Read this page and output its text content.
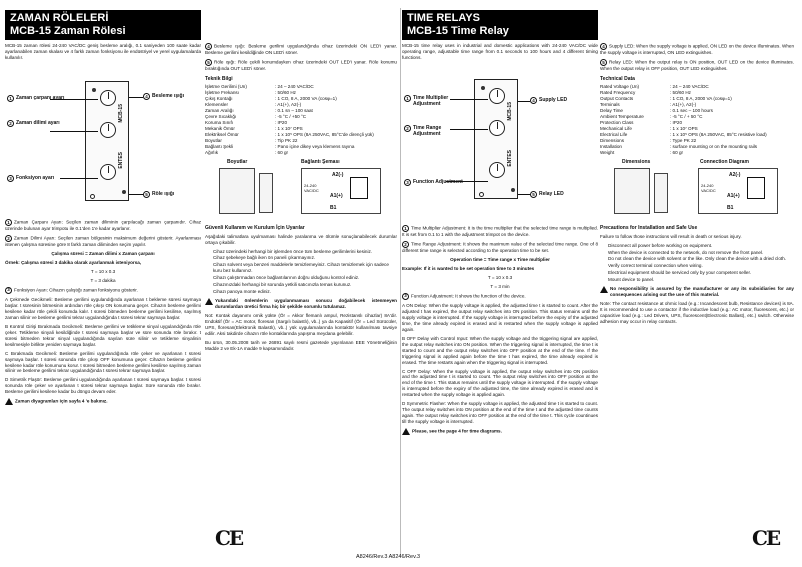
ZAMAN RÖLELERİ
MCB-15 Zaman Rölesi

MCB-15 zaman rölesi 24-240 VAC/DC geniş besleme aralığı, 0.1 saniyeden 100 saate kadar ayarlanabilen zaman skalası ve 4 farklı zaman fonksiyonu ile endüstriyel ve yerel uygulamalarda kullanılır.

MCB-15
ENTES
1 Zaman çarpanı ayarı
2 Zaman dilimi ayarı
3 Fonksiyon ayarı
4 Besleme ışığı
5 Röle ışığı

1 Zaman Çarpanı Ayarı: Seçilen zaman diliminin çarpılacağı zaman çarpanıdır. Cihaz üzerinde bulunan ayar trimpotu ile 0.1'den 1'e kadar ayarlanır.

2 Zaman Dilimi Ayarı: Seçilen zaman bölgesinin maksimum değerini gösterir. Ayarlanması istenen çalışma süresine göre 8 farklı zaman diliminden seçim yapılır.

Çalışma süresi = Zaman dilimi x Zaman çarpanı

Örnek: Çalışma süresi 3 dakika olarak ayarlanmak isteniyorsa,

T = 10 x 0.3

T = 3 dakika

3 Fonksiyon Ayarı: Cihazın çalıştığı zaman fonksiyonu gösterir.

A Çekmede Gecikmeli: Besleme gerilimi uygulandığında ayarlanan t bekleme süresi saymaya başlar. t süresinin bitmesinin ardından röle çıkışı ON konumuna geçer. Cihazın besleme gerilimi kesilene kadar röle çekili konumda kalır. t süresi bitmeden besleme gerilimi kesilirse, sayılmış zaman silinir ve besleme gerilimi tekrar uygulandığında t süresi tekrar saymaya başlar.

B Kontrol Girişi Bırakmada Gecikmeli: Besleme gerilimi ve tetikleme sinyal uygulandığında röle çeker. Tetikleme sinyali kesildiğinde t süresi saymaya başlar ve süre sonunda röle bırakır. t süresi bitmeden tekrar sinyal uygulandığında sayılan süre silinir ve tetikleme sinyalinin kesilmesiyle birlikte yeniden saymaya başlar.

C Bırakmada Gecikmeli: Besleme gerilimi uygulandığında röle çeker ve ayarlanan t süresi saymaya başlar. t süresi sonunda röle çıkışı OFF konumuna geçer. Cihazın besleme gerilimi kesilene kadar röle konumunu korur. t süresi bitmeden besleme gerilimi kesilirse sayılmış zaman silinir ve besleme gerilimi tekrar uygulandığında t süresi tekrar saymaya başlar.

D Simetrik Flaşör: Besleme gerilimi uygulandığında ayarlanan t süresi saymaya başlar. t süresi sonunda röle çeker ve ayarlanan t süresi tekrar saymaya başlar. Süre sonunda röle bırakır. Besleme gerilimi kesilene kadar bu döngü devam eder.

Zaman diyagramları için sayfa 4 'e bakınız.

4 Besleme ışığı: Besleme gerilimi uygulandığında cihaz üzerindeki ON LED'i yanar. Besleme gerilimi kesildiğinde ON LED'i söner.

5 Röle ışığı: Röle çekili konumdayken cihaz üzerindeki OUT LED'i yanar. Röle konumu bıraktığında OUT LED'i söner.

Teknik Bilgi
İşletme Gerilimi (Un)	: 24 – 240 VAC/DC
İşletme Frekansı	: 50/60 Hz
Çıkış Kontağı	: 1 CO, 8 A, 2000 VA (cosφ=1)
Klemensler	: A1(+), A2(-)
Zaman Aralığı	: 0.1 sn – 100 saat
Çevre Sıcaklığı	: -5 °C / +50 °C
Koruma Sınıfı	: IP20
Mekanik Ömür	: 1 x 10⁷ OPS
Elektriksel Ömür	: 1 x 10⁵ OPS (8A 250VAC, 85°C'de dirençli yük)
Boyutlar	: Tip PK 22
Bağlantı Şekli	: Pano içine dikey veya klemens rayına
Ağırlık	: 60 gr
Boyutlar	Bağlantı Şeması
24-240
VAC/DC
A2(-)
A1(+)
B1
Güvenli Kullanım ve Kurulum İçin Uyarılar

Aşağıdaki talimatlara uyulmaması halinde yaralanma ve ölümle sonuçlanabilecek durumlar ortaya çıkabilir.

• Cihaz üzerindeki herhangi bir işlemden önce tüm besleme gerilimlerini kesiniz.
• Cihaz şebekeye bağlı iken ön paneli çıkarmayınız.
• Cihazı solvent veya benzeri maddelerle temizlemeyiniz. Cihazı temizlemek için sadece kuru bez kullanınız.
• Cihazı çalıştırmadan önce bağlantılarının doğru olduğunu kontrol ediniz.
• Cihazınızdaki herhangi bir sorunda yetkili satıcınızla temas kurunuz.
• Cihazı panoya monte ediniz.

Yukarıdaki önlemlerin uygulanmaması sonucu doğabilecek istenmeyen durumlardan üretici firma hiç bir şekilde sorumlu tutulamaz.

Not: Kontak dayanımı omik yükte (Ör = Akkor flemanlı ampul, Rezistanslı cihazlar) 8A'dir. Endüktif (Ör = AC motor, floresan (Sargılı balastlı), vb..) ya da Kapasitif (Ör = Led Sürücüler, UPS, floresan(Elektronik Balastlı), vb..) yük uygulamalarında kontaktör kullanılması tavsiye edilir. Aksi takdirde cihazın röle kontaklarında yapışma meydana gelebilir.

Bu ürün, 30.05.2008 tarih ve 26891 sayılı resmi gazetede yayınlanan EEE Yönetmeliğinin Madde 2 ve Ek-1A madde 9 kapsamındadır.

CE
TIME RELAYS
MCB-15 Time Relay

MCB-15 time relay uses in industrial and domestic applications with 24-240 VAC/DC wide operating range, adjustable time range from 0.1 seconds to 100 hours and 4 different timing functions.

MCB-15
ENTES
1 Time Multiplier Adjustment
2 Time Range Adjustment
3 Function Adjustment
4 Supply LED
5 Relay LED

1 Time Multiplier Adjustment: It is the time multiplier that the selected time range is multiplied. It is set from 0.1 to 1 with the adjustment trimpot on the device.

2 Time Range Adjustment: It shows the maximum value of the selected time range. One of 8 different time range is selected according to the operation time to be set.

Operation time = Time range x Time multiplier

Example: If it is wanted to be set operation time to 3 minutes

T = 10 x 0.3

T = 3 min

3 Function Adjustment: It shows the function of the device.

A ON Delay: When the supply voltage is applied, the adjusted time t is started to count. After the adjusted t has expired, the output relay switches into ON position. This status remains until the supply voltage is interrupted. If the supply voltage is interrupted before the expiry of the adjusted time, the time already expired is erased and is restarted when the supply voltage is applied again.

B OFF Delay with Control Input: When the supply voltage and the triggering signal are applied, the output relay switches into ON position. When the triggering signal is interrupted, the time t is started to count and the output relay switches into OFF position at the end of the time. If the triggering signal is applied again before the time t has expired, the time already expired is erased. The time restarts again when the triggering signal is interrupted.

C OFF Delay: When the supply voltage is applied, the output relay switches into ON position and the adjusted time t is started to count. The output relay switches into OFF position at the end of the time t. This status remains until the supply voltage is interrupted. If the supply voltage is interrupted before the expiry of the adjusted time, the time already expired is erased and is restarted when the supply voltage is applied again.

D Symmetric Flasher: When the supply voltage is applied, the adjusted time t is started to count. The output relay switches into ON position at the end of the time t and the adjusted time counts again. The output relay switches into OFF position at the end of the time t. This cycle countinues till the supply voltage is interrupted.

Please, see the page 4 for time diagrams.

4 Supply LED: When the supply voltage is applied, ON LED on the device illuminates. When the supply voltage is interrupted, ON LED extinguishes.

5 Relay LED: When the output relay is ON position, OUT LED on the device illuminates. When the output relay is OFF position, OUT LED extinguishes.

Technical Data
Rated Voltage (Un)	: 24 – 240 VAC/DC
Rated Frequency	: 50/60 Hz
Output Contacts	: 1 CO, 8 A, 2000 VA (cosφ=1)
Terminals	: A1(+), A2(-)
Delay Time	: 0.1 sec – 100 hours
Ambient Temperature	: -5 °C / + 50 °C
Protection Class	: IP20
Mechanical Life	: 1 x 10⁷ OPS
Electrical Life	: 1 x 10⁵ OPS (8A 250VAC, 85°C resistive load)
Dimensions	: Type PK 22
Installation	: surface mounting or on the mounting rails
Weight	: 60 gr
Dimensions	Connection Diagram
24-240
VAC/DC
A2(-)
A1(+)
B1
Precautions for Installation and Safe Use

Failure to follow those instructions will result in death or serious injury.

• Disconnect all power before working on equipment.
• When the device is connected to the network, do not remove the front panel.
• Do not clean the device with solvent or the like. Only clean the device with a dried cloth.
• Verify correct terminal connection when wiring.
• Electrical equipment should be serviced only by your competent seller.
• Mount device to panel.

No responsibility is assured by the manufacturer or any its subsidiaries for any consequences arising out the use of this material.

Note: The contact resistance at ohmic load (e.g.: Incandescent bulb, Resistance devices) is 8A. It is recommended to use a contactor if the inductive load (e.g.: AC motor, fluorescent, etc.) or capacitive load (e.g.: Led Drivers, UPS, fluorescent(Electronic Ballast), etc.) switch. Otherwise adhesion may occur in relay contacts.

CE
A8246/Rev.3 A8246/Rev.3
